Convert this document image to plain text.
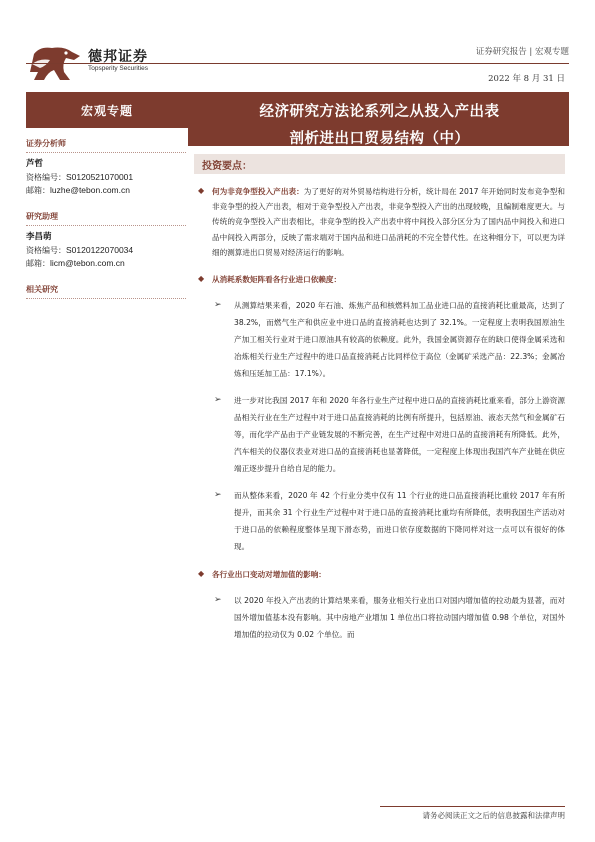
德邦证券
Topsperity Securities
证券研究报告 | 宏观专题
2022 年 8 月 31 日
宏观专题	经济研究方法论系列之从投入产出表
剖析进出口贸易结构（中）
证券分析师
芦哲
资格编号：S0120521070001
邮箱：luzhe@tebon.com.cn
研究助理
李昌萌
资格编号：S0120122070034
邮箱：licm@tebon.com.cn
相关研究
投资要点：
◆ 何为非竞争型投入产出表：为了更好的对外贸易结构进行分析，统计局在 2017 年开始同时发布竞争型和非竞争型的投入产出表，相对于竞争型投入产出表，非竞争型投入产出的出现较晚，且编制难度更大。与传统的竞争型投入产出表相比，非竞争型的投入产出表中将中间投入部分区分为了国内品中间投入和进口品中间投入两部分，反映了需求端对于国内品和进口品消耗的不完全替代性。在这种细分下，可以更为详细的测算进出口贸易对经济运行的影响。
◆ 从消耗系数矩阵看各行业进口依赖度：
➢ 从测算结果来看，2020 年石油、炼焦产品和核燃料加工品业进口品的直接消耗比重最高，达到了 38.2%，而燃气生产和供应业中进口品的直接消耗也达到了 32.1%。一定程度上表明我国原油生产加工相关行业对于进口原油具有较高的依赖度。此外，我国金属资源存在的缺口使得金属采选和冶炼相关行业生产过程中的进口品直接消耗占比同样位于高位（金属矿采选产品：22.3%；金属冶炼和压延加工品：17.1%）。
➢ 进一步对比我国 2017 年和 2020 年各行业生产过程中进口品的直接消耗比重来看，部分上游资源品相关行业在生产过程中对于进口品直接消耗的比例有所提升，包括原油、液态天然气和金属矿石等，而化学产品由于产业链发展的不断完善，在生产过程中对进口品的直接消耗有所降低。此外，汽车相关的仪器仪表业对进口品的直接消耗也显著降低，一定程度上体现出我国汽车产业链在供应端正逐步提升自给自足的能力。
➢ 而从整体来看，2020 年 42 个行业分类中仅有 11 个行业的进口品直接消耗比重较 2017 年有所提升，而其余 31 个行业生产过程中对于进口品的直接消耗比重均有所降低，表明我国生产活动对于进口品的依赖程度整体呈现下滑态势，而进口依存度数据的下降同样对这一点可以有很好的体现。
◆ 各行业出口变动对增加值的影响：
➢ 以 2020 年投入产出表的计算结果来看，服务业相关行业出口对国内增加值的拉动最为显著，而对国外增加值基本没有影响。其中房地产业增加 1 单位出口将拉动国内增加值 0.98 个单位，对国外增加值的拉动仅为 0.02 个单位。而
请务必阅读正文之后的信息披露和法律声明
